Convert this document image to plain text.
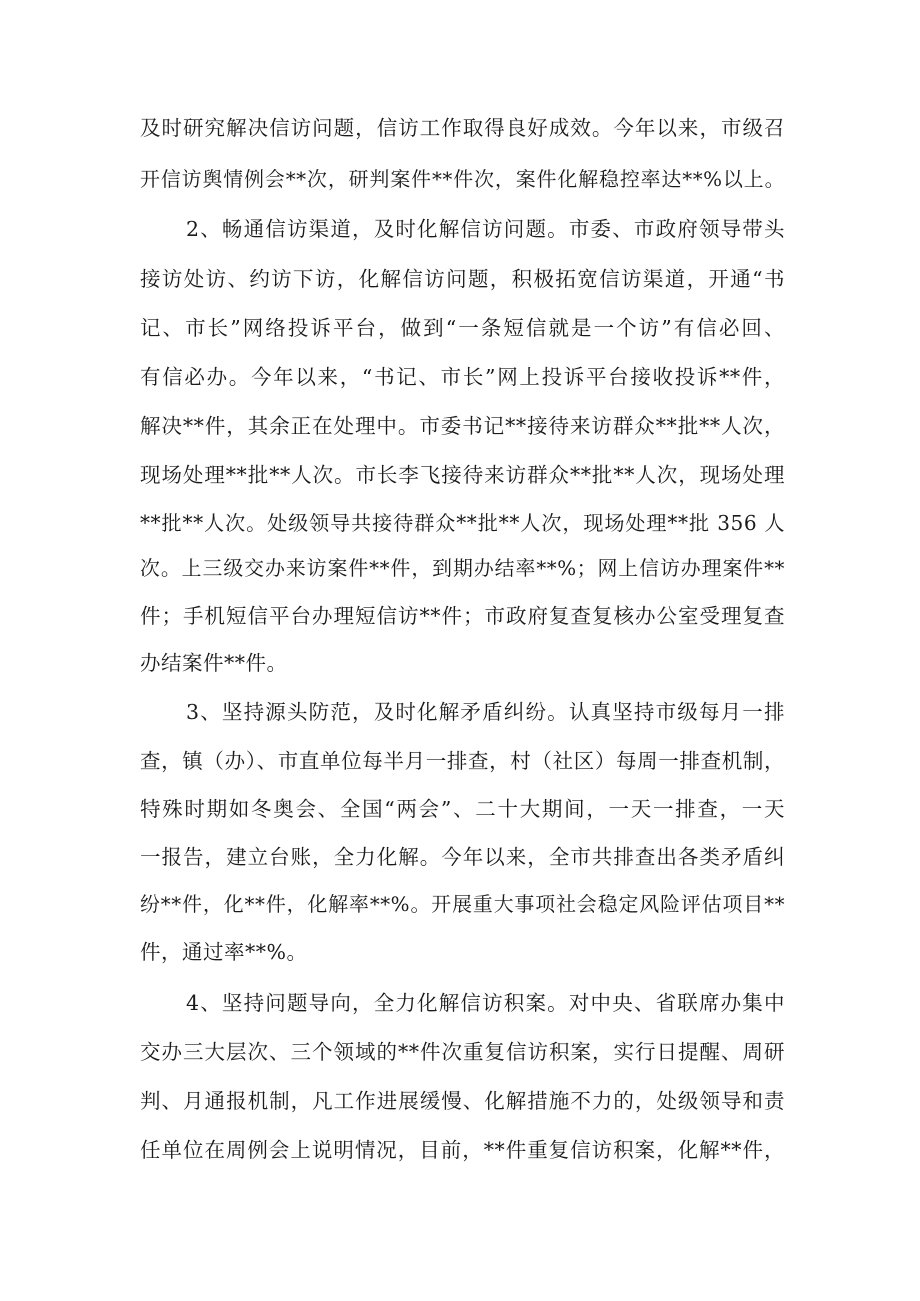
及时研究解决信访问题，信访工作取得良好成效。今年以来，市级召
开信访舆情例会**次，研判案件**件次，案件化解稳控率达**%以上。
2、畅通信访渠道，及时化解信访问题。市委、市政府领导带头
接访处访、约访下访，化解信访问题，积极拓宽信访渠道，开通“书
记、市长”网络投诉平台，做到“一条短信就是一个访”有信必回、
有信必办。今年以来，“书记、市长”网上投诉平台接收投诉**件，
解决**件，其余正在处理中。市委书记**接待来访群众**批**人次，
现场处理**批**人次。市长李飞接待来访群众**批**人次，现场处理
**批**人次。处级领导共接待群众**批**人次，现场处理**批 356 人
次。上三级交办来访案件**件，到期办结率**%；网上信访办理案件**
件；手机短信平台办理短信访**件；市政府复查复核办公室受理复查
办结案件**件。
3、坚持源头防范，及时化解矛盾纠纷。认真坚持市级每月一排
查，镇（办）、市直单位每半月一排查，村（社区）每周一排查机制，
特殊时期如冬奥会、全国“两会”、二十大期间，一天一排查，一天
一报告，建立台账，全力化解。今年以来，全市共排查出各类矛盾纠
纷**件，化**件，化解率**%。开展重大事项社会稳定风险评估项目**
件，通过率**%。
4、坚持问题导向，全力化解信访积案。对中央、省联席办集中
交办三大层次、三个领域的**件次重复信访积案，实行日提醒、周研
判、月通报机制，凡工作进展缓慢、化解措施不力的，处级领导和责
任单位在周例会上说明情况，目前，**件重复信访积案，化解**件，
